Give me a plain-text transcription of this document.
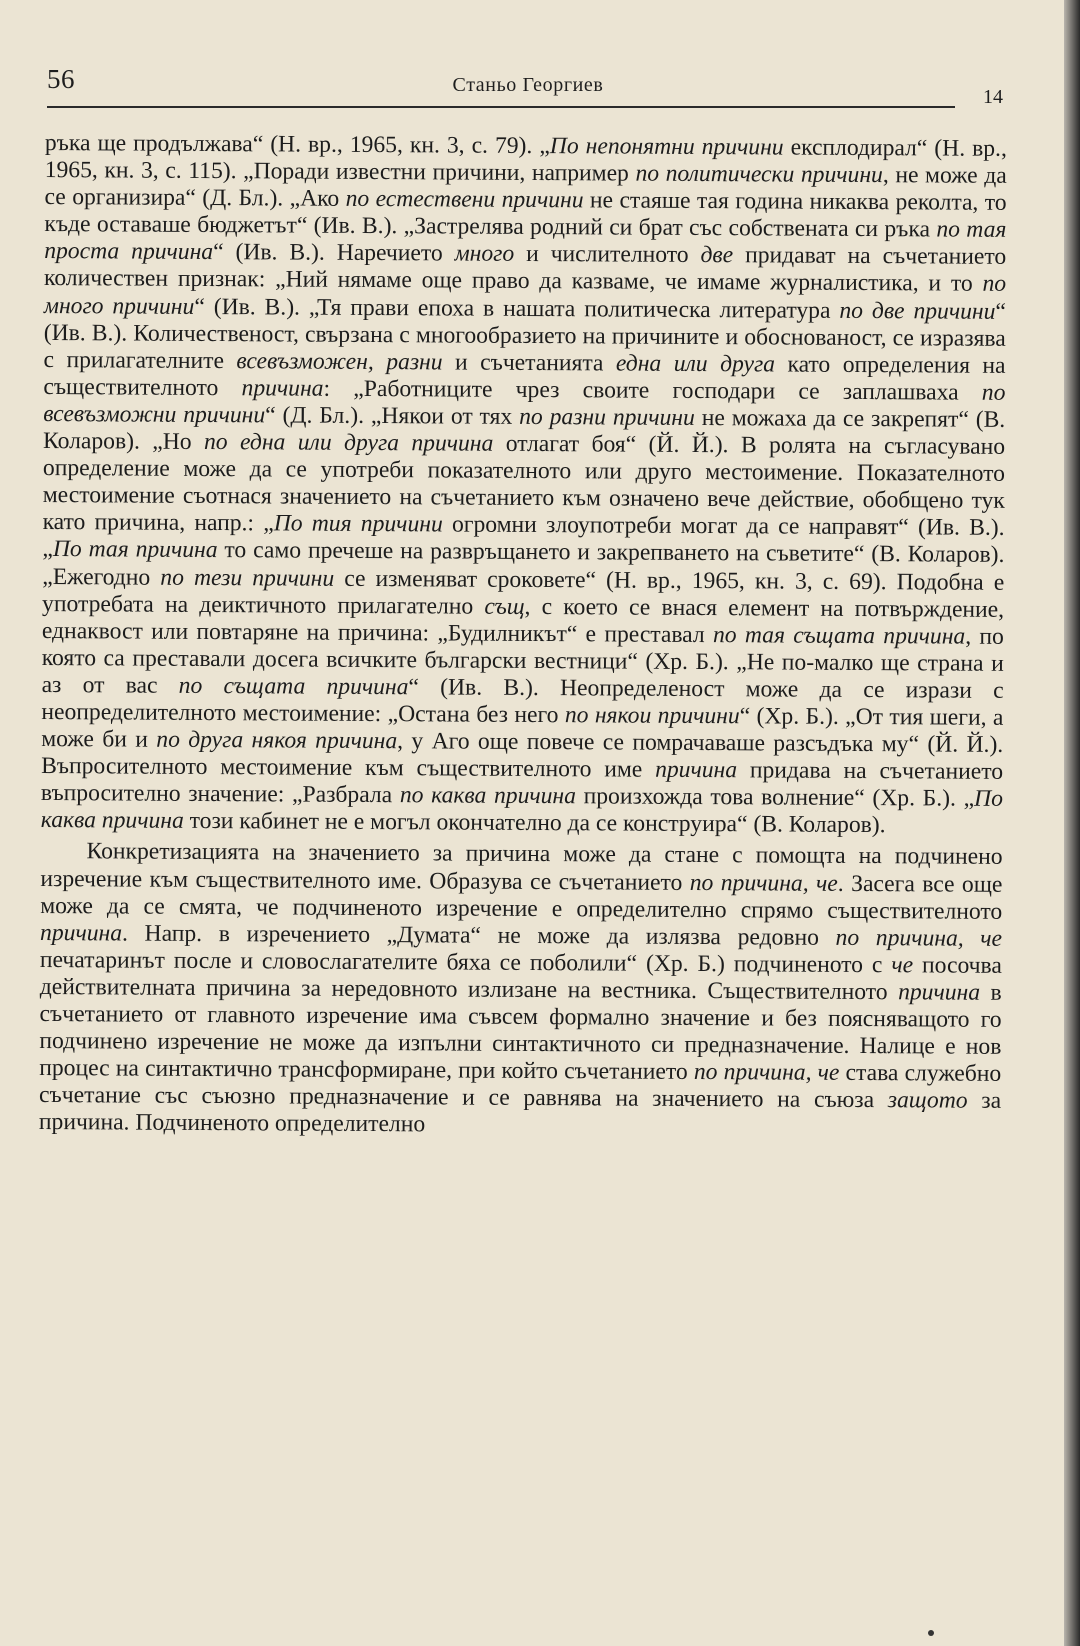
56	Станьо Георгиев
14

ръка ще продължава“ (Н. вр., 1965, кн. 3, с. 79). „По непонятни причини експлодирал“ (Н. вр., 1965, кн. 3, с. 115). „Поради известни причини, например по политически причини, не може да се организира“ (Д. Бл.). „Ако по естествени причини не стаяше тая година никаква реколта, то къде оставаше бюджетът“ (Ив. В.). „Застрелява родний си брат със собствената си ръка по тая проста причина“ (Ив. В.). Наречието много и числителното две придават на съчетанието количествен признак: „Ний нямаме още право да казваме, че имаме журналистика, и то по много причини“ (Ив. В.). „Тя прави епоха в нашата политическа литература по две причини“ (Ив. В.). Количественост, свързана с многообразието на причините и обоснованост, се изразява с прилагателните всевъзможен, разни и съчетанията една или друга като определения на съществителното причина: „Работниците чрез своите господари се заплашваха по всевъзможни причини“ (Д. Бл.). „Някои от тях по разни причини не можаха да се закрепят“ (В. Коларов). „Но по една или друга причина отлагат боя“ (Й. Й.). В ролята на съгласувано определение може да се употреби показателното или друго местоимение. Показателното местоимение съотнася значението на съчетанието към означено вече действие, обобщено тук като причина, напр.: „По тия причини огромни злоупотреби могат да се направят“ (Ив. В.). „По тая причина то само пречеше на развръщането и закрепването на съветите“ (В. Коларов). „Ежегодно по тези причини се изменяват сроковете“ (Н. вр., 1965, кн. 3, с. 69). Подобна е употребата на деиктичното прилагателно същ, с което се внася елемент на потвърждение, еднаквост или повтаряне на причина: „Будилникът“ е преставал по тая същата причина, по която са преставали досега всичките български вестници“ (Хр. Б.). „Не по-малко ще страна и аз от вас по същата причина“ (Ив. В.). Неопределеност може да се изрази с неопределителното местоимение: „Остана без него по някои причини“ (Хр. Б.). „От тия шеги, а може би и по друга някоя причина, у Аго още повече се помрачаваше разсъдъка му“ (Й. Й.). Въпросителното местоимение към съществителното име причина придава на съчетанието въпросително значение: „Разбрала по каква причина произхожда това волнение“ (Хр. Б.). „По каква причина този кабинет не е могъл окончателно да се конструира“ (В. Коларов).

Конкретизацията на значението за причина може да стане с помощта на подчинено изречение към съществителното име. Образува се съчетанието по причина, че. Засега все още може да се смята, че подчиненото изречение е определително спрямо съществителното причина. Напр. в изречението „Думата“ не може да излязва редовно по причина, че печатаринът после и словослагателите бяха се поболили“ (Хр. Б.) подчиненото с че посочва действителната причина за нередовното излизане на вестника. Съществителното причина в съчетанието от главното изречение има съвсем формално значение и без поясняващото го подчинено изречение не може да изпълни синтактичното си предназначение. Налице е нов процес на синтактично трансформиране, при който съчетанието по причина, че става служебно съчетание със съюзно предназначение и се равнява на значението на съюза защото за причина. Подчиненото определително
